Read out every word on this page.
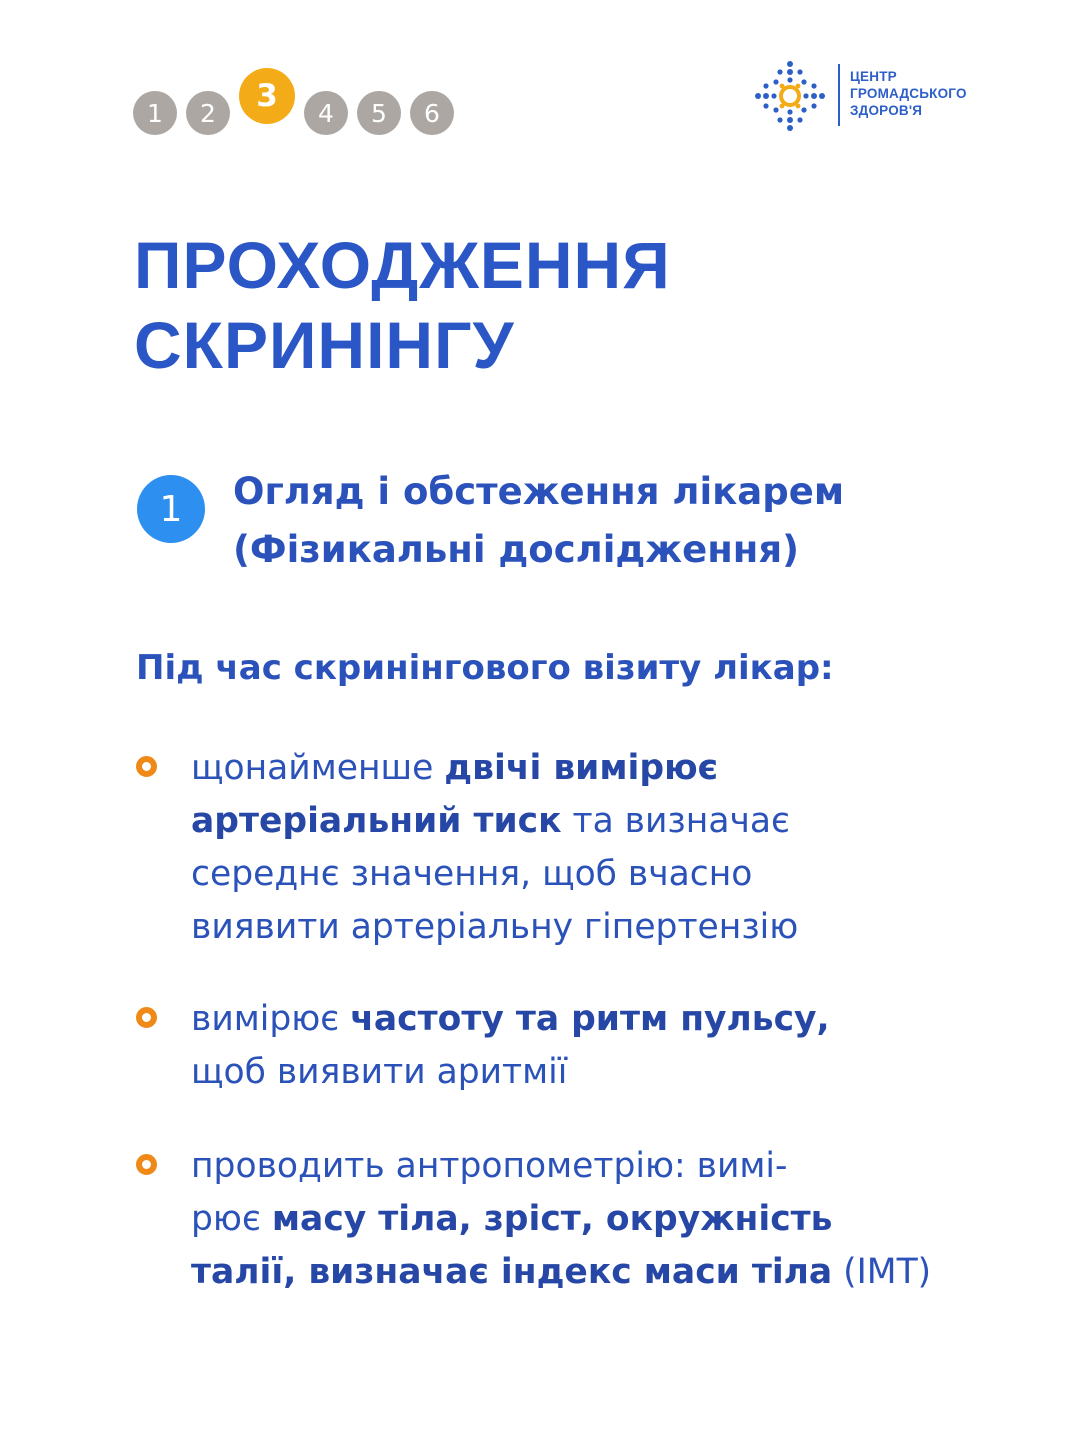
1	2	3	4	5	6
ЦЕНТР
ГРОМАДСЬКОГО
ЗДОРОВ'Я
ПРОХОДЖЕННЯ
СКРИНІНГУ
1	Огляд і обстеження лікарем
(Фізикальні дослідження)
Під час скринінгового візиту лікар:
щонайменше двічі вимірює
артеріальний тиск та визначає
середнє значення, щоб вчасно
виявити артеріальну гіпертензію
вимірює частоту та ритм пульсу,
щоб виявити аритмії
проводить антропометрію: вимі-
рює масу тіла, зріст, окружність
талії, визначає індекс маси тіла (ІМТ)
